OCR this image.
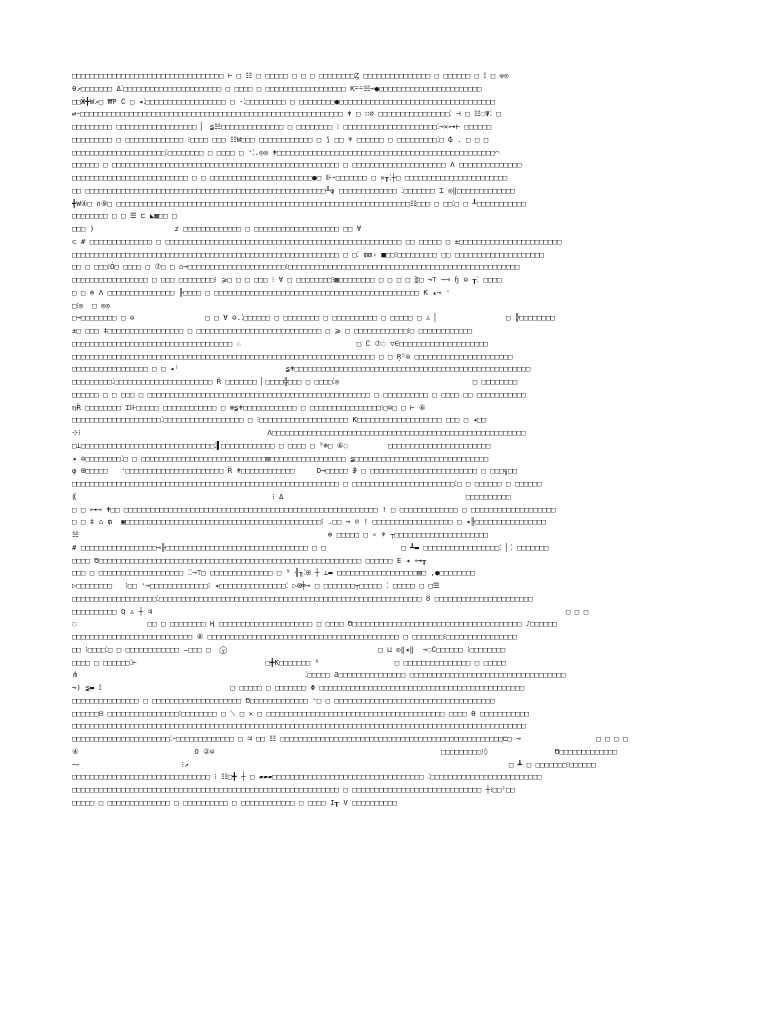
□□□□□□□□□□□□□□□□□□□□□□□□□□□□□□□□□□ ⊢ □ ☷ □ □□□□□ □ □ □ □□□□□□□□Ȥ □□□□□□□□□□□□□□□ □ □□□□□□ □ ⟟ □ ☫◎
θ↗□□□□□□□ Δ⁚□□□□□□□□□□□□□□□□□□□□□□ □ □□□□ □ □□□□□□□□□□□□□□□□□□ Ƙ⍨⍨☵⊸●□□□□□□□□□□□□□□□□□□□□□□□
□□Ӝ╋W↗□ ₩Ƥ ∁ □ ◂⁚□□□□□□□□□□□□□□□□□□ □ -⁚□□□□□□□□□ □ □□□□□□□□●□□□□□□□□□□□□□□□□□□□□□□□□□□□□□□□□□□□
⇄⁃□□□□□□□□□□□□□□□□□□□□□□□□□□□□□□□□□□□□□□□□□□□□□□□□□□□□□□□□□□□ ǂ □ ∷∅ □□□□□□□□□□□□□□□□⁚ ⊣ □ ☷◌Ψ⁚ □
□□□□□□□□□ □□□□□□□□□□□□□□□□□□ ▏ ≨☵□□□□□□□□□□□□□□ □ □□□□□□□□ ⁝ □□□□□□□□□□□□□□□□□□□□□⁚⊸✕⊶⊢ □□□□□□
□□□□□□□□□ □ □□□□□□□□□□□□□ ⁝□□□□ □□□ ☷W□□□ □□□□□□□□□□□□ □ ⟆ □□ ♆ □□□□□□ □ □□□□□□□□□⁚□ ₲ . □ □ □
□□□□□□□□□□□□□□□□□□□□□⁚□□□□□□□□ □ □□□□ □ ⁺⁚.◎◎ ǂ□□□□□□□□□□□□□□□□□□□□□□□□□□□□□□□□□□□□□□□□□□□□□□□□□⌒
□□□□□□ □ □□□□□□□□□□□□□□□□□□□□□□□□□□□□□□□□□□□□□□□□□□□□□□□□□□□ □ □□□□□□□□□□□□□□□□□□□□□ Λ □□□□□□□□□□□□□□
□□□□□□□□□□□□□□□□□□□□□□□□□□ □ □ □□□□□□□□□□□□□□□□□□□□□□□●□ ⊪⁃□□□□□□□ □ ✕┰⁚┼□ □□□□□□□□□□□□□□□□□□□□□□□
□□ □□□□□□□□□□□□□□□□□□□□□□□□□□□□□□□□□□□□□□□□□□□□□□□□□□□□□□╨ψ □□□□□□□□□□□□□ ⁚□□□□□□□ ⌶ ◎‖□□□□□□□□□□□□□
╋W④□ ∩⑨□ □□□□□□□□□□□□□□□□□□□□□□□□□□□□□□□□□□□□□□□□□□□□□□□□□□□□□□□□□□□□□□□□□□☷□□□ □ □□⁚□ □ ┸□□□□□□□□□□□
□□□□□□□□ □ □ ☰ ⊏ ◣▩□□ □
□□□ )                  z □□□□□□□□□□□□□ □ □□□□□□□□□□□□□□□□□□□ □□ ∀
⊂ # □□□□□□□□□□□□□□ □ □□□□□□□□□□□□□□□□□□□□□□□□□□□□□□□□□□□□□□□□□□□□□□□□□□□□□ □□ □□□□□ □ ±□□□□□□□□□□□□□□□□□□□□□□□
□□□□□□□□□□□□□□□□□□□□□□□□□□□□□□□□□□□□□□□□□□□□□□□□□□□□□□□□□□□□ □ □⁚ ₥₥› ■□□⁝□□□□□□□□□ □□ □□□□□□□□□□□□□□□□□□□□
□□ □ □□□⁝Ó□ □□□□ □ ⑦□ □ ⌂⊸□□□□□□□□□□□□□□□□□□□□□□⁝□□□□□□□□□□□□□□□□□□□□□□□□□□□□□□□□□□□□□□□□□□□□□□□□□□□□
□□□□□□□□□□□□□□□□□ □ □□□ □□□□□□□□⁝ ⩾□ □ □ □□□ ⁝ ∀ □ □□□□□□□□⁝▩□□□□□□□□ □ □ □ □ ⋛□ ⊸⊤ ⋯⊸ ɧ ⊜ ┰⁚ □□□□
□ □ ⊕ Λ □□□□□□□□□□□□□□□ ╟□□□□ □ □□□□□□□□□□□□□□□□□□□□□□□□□□□□□□□□□□□□□□□□□□□□□□ Ƙ ▴⊸ ⁺
□⁝◎  □ ◎◎
□⊸□□□□□□□□ □ ⊜                □ □ ∀ ⊜.⁚□□□□□□ □ □□□□□□□□ □ □□□□□□□□□□ □ □□□□□ □ ♙ ▏               □ ╠□□□□□□□□
±□ □□□ ‡□□□□□□□□□□□□□□□□□ □ □□□□□□□□□□□□□□□□□□□□□□□□□□□□ □ ⩾ □ □□□□□□□□□□□□⁝□ □□□□□□□□□□□□
□□□□□□□□□□□□□□□□□□□□□□□□□□□□□□□□□□□□ ♘                          □ ∁ ⑦◌ ▽∈□□□□□□□□□□□□□□□□□□□□
□□□□□□□□□□□□□□□□□□□□□□□□□□□□□□□□□□□□□□□□□□□□□□□□□□□□□□□□□□□□□□□□□□□□ □ □ Ŗ⁵⊜ □□□□□□□□□□□□□□□□□□□□□□
□□□□□□□□□□□□□□□□□ □ □ ◂⁾                        ≨ǂ□□□□□□□□□□□□□□□□□□□□□□□□□□□□□□□□□□□□□□□□□□□□□□□□□□□□□
□□□□□□□□□⁚□□□□□□□□□□□□□□□□□□□□□□ Ȑ □□□□□□□ ▏□□□□╬□□□ □ □□□□⁚◎                              □ □□□□□□□□
□□□□□□ □ □ □□□ □ □□□□□□□□□□□□□□□□□□□□□□□□□□□□□□□□□□□□□□□□□□□□□□□□□□ □ □□□□□□□□□□ □ □□□□ □□ □□□□□□□□□□□
♍Ȑ □□□□□□□□ ⌶⊪□□□□□ □□□□□□□□□□□□ □ ⊛≨ǂ□□□□□□□□□□□□ □ □□□□□□□□□□□□□□□□⁝□⊜□ □ ⊢ ⑥
□□□□□□□□□□□□□□□□□□□□⁚□□□□□□□□□□□□□□□□□□ □ ⁝□□□□□□□□□□□□□□□□□□□□ Ƙ□□□□□□□□□□□□□□□□□□□ □□□ □ ◂□□
⊹⁝                                          Λ□□□□□□□□□□□□□□□□□□□□□□□□□□□□□□□□□□□□□□□□□□□□□□□□□□□□□□□□□
□⊥□□□□□□□□□□□□□□□□□□□□□□□□□□□□□□⁚▌□□□□□□□□□□□□ □ □□□□ □ ⁹⊕□ ⑥◌         □□□□□□□□□□□□□□□□□□□□□□□
◂ ⊜□□□□□□□□⁚□ □ □□□□□□□□□□□□□□□□□□□□□□□□□□□□▥□□□□□□□□□□□□□□□□□ ≨□□□□□□□□□□□□□□□□□□□□□□□□□□□□□□
φ ⊞□□□□□   ⁺□□□□□□□□□□□□□□□□□□□□□□ Ȑ ǂ□□□□□□□□□□□□     D⊸□□□□□ ∌ □ □□□□□□□□□□□□□□□□□□□□□□□□ □ □□□╗□□
□□□□□□□□□□□□□□□□□□□□□□□□□□□□□□□□□□□□□□□□□□□□□□□□□□□□□□□□□□□□ □ □□□□□□□□□□□□□□□□□□□□□□□⁚□ □ □□□□□□ □ □□□□□□
⟪                                            ⁝ Δ                                         □□□□□□□□□□
□ □ ⊶⊸ ǂ□□ □□□□□□□□□□□□□□□□□□□□□□□□□□□□□□□□□□□□□□□□□□□□□□□□□□□□□□□□□ ! □ □□□□□□□□□□□□□ □ □□□□□□□□□□□□□□□□□□□
□ □ ‡ ⌂ ₥  ▣□□□□□□□□□□□□□□□□□□□□□□□□□□□□□□□□□□□□□□□□□□□□⁝ .□□ ⊸ ⊝ ! □□□□□□□□□□□□□□□□□□ □ ◂╟□□□□□□□□□□□□□□□□
☵                                                        ⊕ □□□□□ □ ∘ ♆ ┬□□□□□□□□□□□□□□□□□□□□□
# □□□□□□□□□□□□□□□□□⊸╟□□□□□□□□□□□□□□□□□□□□□□□□□□□□□□□□ □ □                 □ ┻▬ □□□□□□□□□□□□□□□□□⁚ ▏⁚ □□□□□□□
□□□□ Ծ□□□□□□□□□□□□□□□□□□□□□□□□□□□□□□□□□□□□□□□□□□□□□□□□□□□□□□□□□□□ □□□□□□ Ε ◂ ⊶┰
□□□ □ □□□□□□□□□□□□□□□□□□□ ⁚⁚⊸⊤□ □□□□□□□□□□□□□□ □ ⁹ ╢╖⁚⊞ ┼ ⊥▬ □□□□□□□□□□□□□□□□□□▤□ ,●□□□□□□□□
▷□□□□□□□□   ⁝□□ ⁺⊸□□□□□□□□□□□□□⁝ ◂□□□□□□□□□□□□□□□⁚ ▷⊠╪⊸ □ □□□□□□□┬□□□□□ ⁚ □□□□□ □ □☰
□□□□□□□□□□□□□□□□□□□⁚□□□□□□□□□□□□□□□□□□□□□□□□□□□□□□□□□□□□□□□□□□□□□□□□□□□□□□□□□□□ ȣ □□□□□□□□□□□□□□□□□□□□□□
□□□□□□□□□□ Q ♙ ┼ ♃                                                                                             □ □ □
◌                □□ □ □□□□□□□□ Ⱨ □□□□□□□□□□□□□□□□□□□□□ □ □□□□ Ծ□□□□□□□□□□□□□□□□□□□□□□□□□□□□□□□□□□□□□□ ♪□□□□□□
□□□□□□□□□□□□□□□□□□□□□□□□□□□ ⑧ □□□□□□□□□□□□□□□□□□□□□□□□□□□□□□□□□□□□□□□□□□□ □ □□□□□□□⁝□□□□□□□□□□□□□□□□
□□ ⁝□□□□⁚□ □ □□□□□□□□□□□□ ⌣□□□ □  ⓨ                                  □ ⊔ ◎‖◂‖  ⊸◌∁□□□□□□ ⁝□□□□□□□□
□□□□ □ □□□□□□⁚⊢                             □╋Ƙ□□□□□□□ ⁸                 □ □□□□□□□□□□□□□□□ □ □□□□□
⋔                                                   ⁚□□□□□ Ϩ□□□□□□□□□□□□□□□ □□□□□□□□□□□□□□□□□□□□□□□□□□□□□□□□□□□
⊸) ≨▬ ⟟                             □ □□□□□ □ □□□□□□□ Φ □□□□□□□□□□□□□□□□□□□□□□□□□□□□□□□□□□□□□□□□□□□□□□
□□□□□□□□□□□□□□□ □ □□□□□□□□□□□□□□□□□□□□ Ծ□□□□□□□□□□□□□ ⁺□ □ □□□□□□□□□□□□□□□□□□□□□□□□□□□□□□□□□□□□
□□□□□□⊟ □□□□□□□□□□□□□□□□⁝□□□□□□□□ □ ⟍ □ ✕ □ □□□□□□□□□□□□□□□□□□□□□□□□□□□□□□□□□□□□□□□□ □□□□ ϴ □□□□□□□□□□□
□□□□□□□□□□□□□□□□□□□□□□□□□□□□□□□□□□□□□□□□□□□□□□□□□□□□□□□□□□□□□□□□□□□□□□□□□□□□□□□□□□□□□□□□□□□□□□□□□□□□□□
□□□□□□□□□□□□□□□□□□□□□□⁚⁃□□□□□□□□□□□□□ □ ♃ □□ ☷ □□□□□□□□□□□□□□□□□□□□□□□□□□□□□□□□□□□□□□□□□□□□□□□□□□⊏□ ⊸                 □ □ □ □
④                          Ο ②⊜                                                   □□□□□□□□□⁝◊               Ծ□□□□□□□□□□□□□
⁓                       ⁝↗                                                                        □ ┻ □ □□□□□□□⁝□□□□□□
□□□□□□□□□□□□□□□□□□□□□□□□□□□□□□□ ⁝ ☷□╋ ┼ □ ▰▰▰□□□□□□□□□□□□□□□□□□□□□□□□□□□□□□□□□□ ⁚□□□□□□□□□□□□□□□□□□□□□□□□□
□□□□□□□□□□□□□□□□□□□□□□□□□□□□□□□□□□□□□□□□□□□□□□□□□□□□□□□□□□□□ □ □□□□□□□□□□□□□□□□□□□□□□□□□□□□□ ┼⁝□□⁾□□
□□□□□ □ □□□□□□□□□□□□□□ □ □□□□□□□□□□ □ □□□□□□□□□□□□ □ □□□□ Ι┰ V □□□□□□□□□□
